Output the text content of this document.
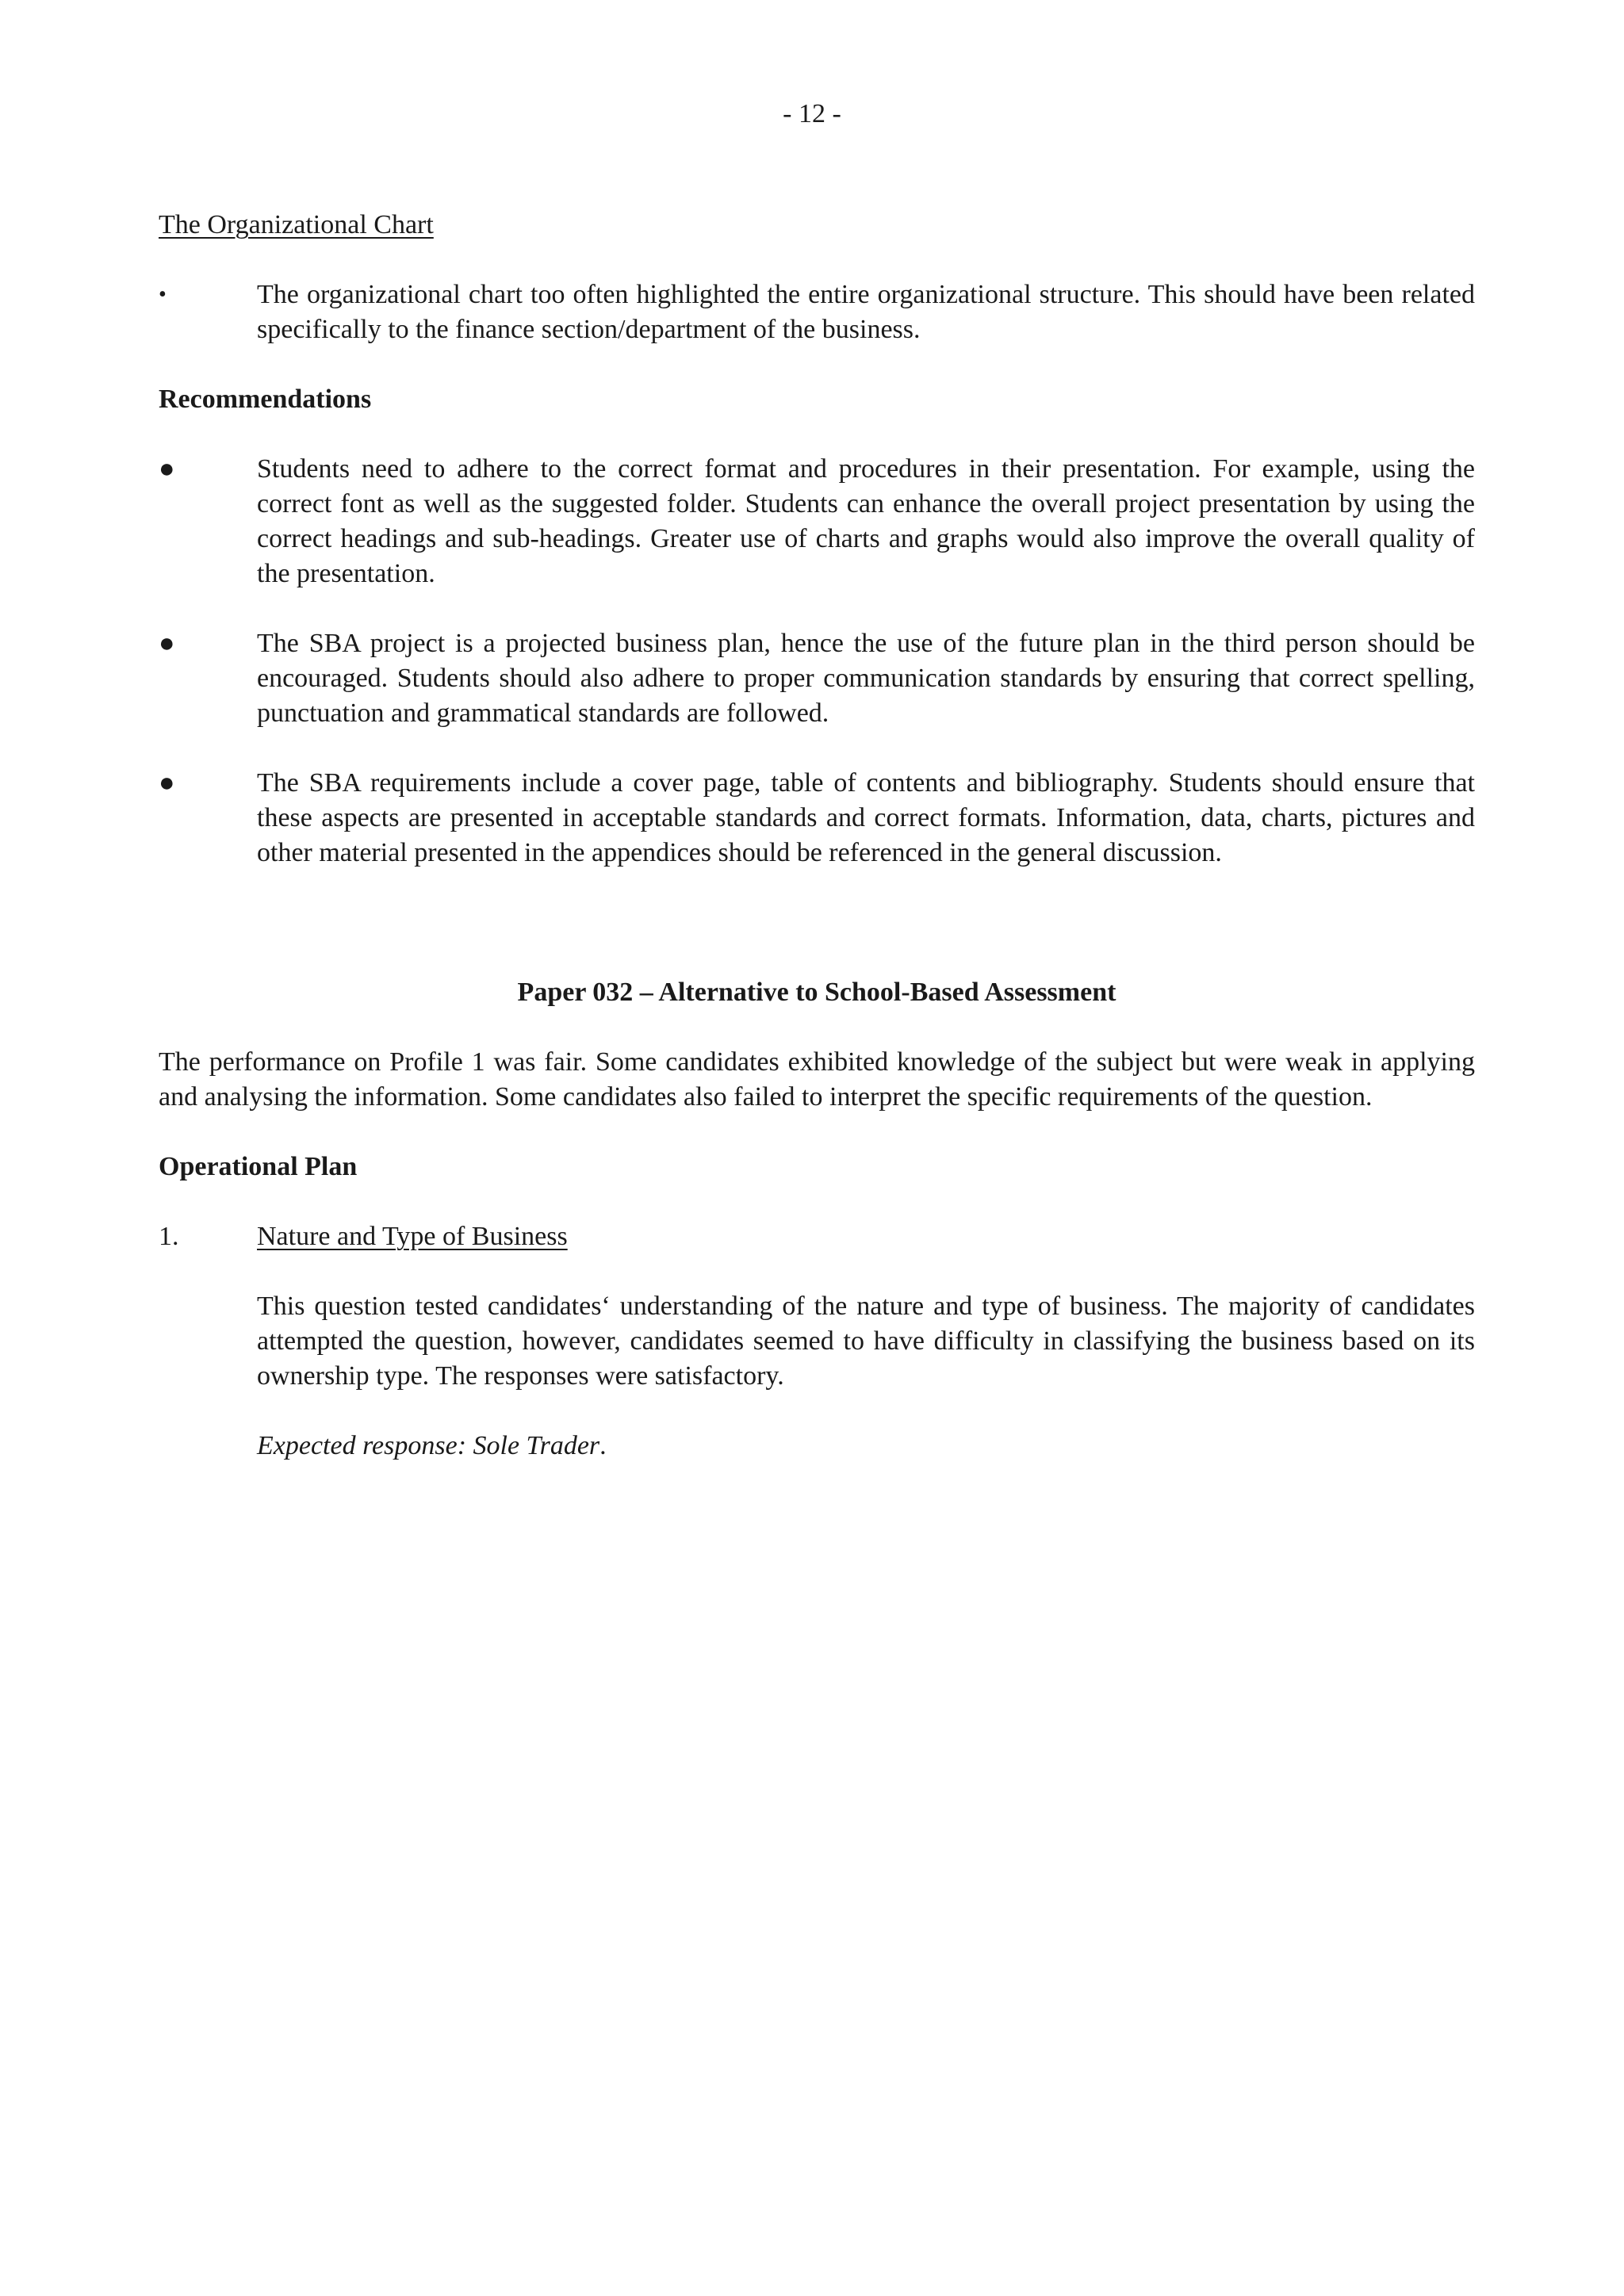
- 12 -

The Organizational Chart

•	The organizational chart too often highlighted the entire organizational structure. This should have been related specifically to the finance section/department of the business.

Recommendations

●	Students need to adhere to the correct format and procedures in their presentation. For example, using the correct font as well as the suggested folder. Students can enhance the overall project presentation by using the correct headings and sub-headings. Greater use of charts and graphs would also improve the overall quality of the presentation.

●	The SBA project is a projected business plan, hence the use of the future plan in the third person should be encouraged. Students should also adhere to proper communication standards by ensuring that correct spelling, punctuation and grammatical standards are followed.

●	The SBA requirements include a cover page, table of contents and bibliography. Students should ensure that these aspects are presented in acceptable standards and correct formats. Information, data, charts, pictures and other material presented in the appendices should be referenced in the general discussion.

Paper 032 – Alternative to School-Based Assessment

The performance on Profile 1 was fair. Some candidates exhibited knowledge of the subject but were weak in applying and analysing the information. Some candidates also failed to interpret the specific requirements of the question.

Operational Plan

1.	Nature and Type of Business

This question tested candidates‘ understanding of the nature and type of business. The majority of candidates attempted the question, however, candidates seemed to have difficulty in classifying the business based on its ownership type. The responses were satisfactory.

Expected response: Sole Trader.
